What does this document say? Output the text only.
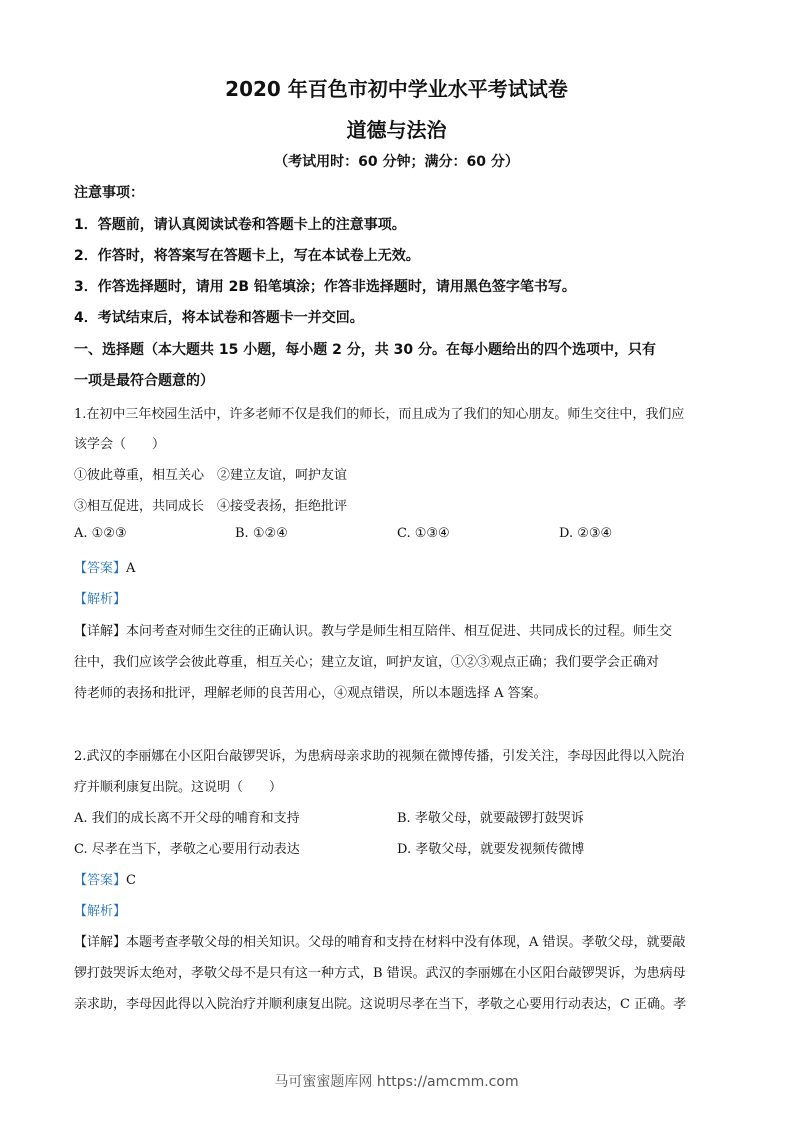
2020 年百色市初中学业水平考试试卷
道德与法治
（考试用时：60 分钟；满分：60 分）
注意事项：
1．答题前，请认真阅读试卷和答题卡上的注意事项。
2．作答时，将答案写在答题卡上，写在本试卷上无效。
3．作答选择题时，请用 2B 铅笔填涂；作答非选择题时，请用黑色签字笔书写。
4．考试结束后，将本试卷和答题卡一并交回。
一、选择题（本大题共 15 小题，每小题 2 分，共 30 分。在每小题给出的四个选项中，只有
一项是最符合题意的）
1.在初中三年校园生活中，许多老师不仅是我们的师长，而且成为了我们的知心朋友。师生交往中，我们应
该学会（　　）
①彼此尊重，相互关心　②建立友谊，呵护友谊
③相互促进，共同成长　④接受表扬，拒绝批评
A. ①②③	B. ①②④	C. ①③④	D. ②③④
【答案】A
【解析】
【详解】本问考查对师生交往的正确认识。教与学是师生相互陪伴、相互促进、共同成长的过程。师生交
往中，我们应该学会彼此尊重，相互关心；建立友谊，呵护友谊，①②③观点正确；我们要学会正确对
待老师的表扬和批评，理解老师的良苦用心，④观点错误，所以本题选择 A 答案。
2.武汉的李丽娜在小区阳台敲锣哭诉，为患病母亲求助的视频在微博传播，引发关注，李母因此得以入院治
疗并顺利康复出院。这说明（　　）
A. 我们的成长离不开父母的哺育和支持	B. 孝敬父母，就要敲锣打鼓哭诉
C. 尽孝在当下，孝敬之心要用行动表达	D. 孝敬父母，就要发视频传微博
【答案】C
【解析】
【详解】本题考查孝敬父母的相关知识。父母的哺育和支持在材料中没有体现，A 错误。孝敬父母，就要敲
锣打鼓哭诉太绝对，孝敬父母不是只有这一种方式，B 错误。武汉的李丽娜在小区阳台敲锣哭诉，为患病母
亲求助，李母因此得以入院治疗并顺利康复出院。这说明尽孝在当下，孝敬之心要用行动表达，C 正确。孝
马可蜜蜜题库网 https://amcmm.com
